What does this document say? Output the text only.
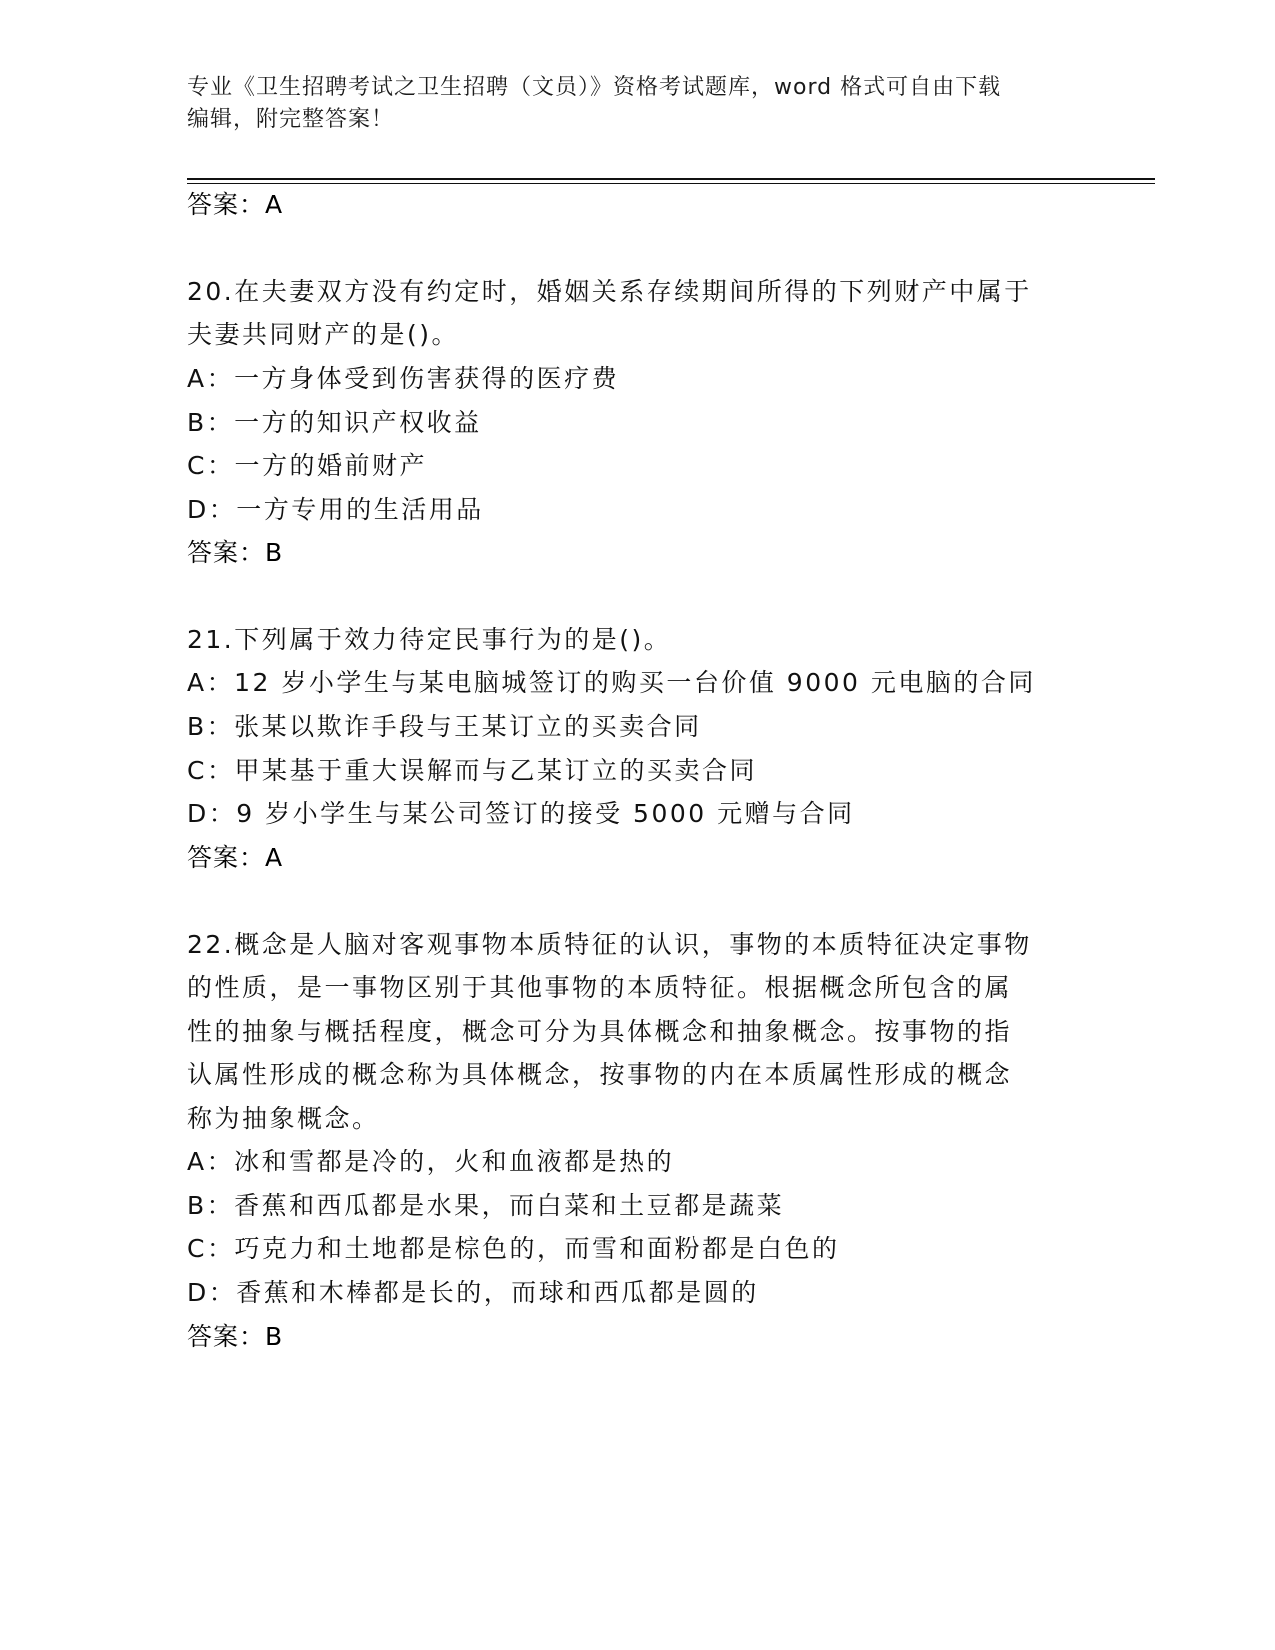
专业《卫生招聘考试之卫生招聘（文员）》资格考试题库，word 格式可自由下载
编辑，附完整答案！
答案：A
20.在夫妻双方没有约定时，婚姻关系存续期间所得的下列财产中属于
夫妻共同财产的是()。
A：一方身体受到伤害获得的医疗费
B：一方的知识产权收益
C：一方的婚前财产
D：一方专用的生活用品
答案：B
21.下列属于效力待定民事行为的是()。
A：12 岁小学生与某电脑城签订的购买一台价值 9000 元电脑的合同
B：张某以欺诈手段与王某订立的买卖合同
C：甲某基于重大误解而与乙某订立的买卖合同
D：9 岁小学生与某公司签订的接受 5000 元赠与合同
答案：A
22.概念是人脑对客观事物本质特征的认识，事物的本质特征决定事物
的性质，是一事物区别于其他事物的本质特征。根据概念所包含的属
性的抽象与概括程度，概念可分为具体概念和抽象概念。按事物的指
认属性形成的概念称为具体概念，按事物的内在本质属性形成的概念
称为抽象概念。
A：冰和雪都是冷的，火和血液都是热的
B：香蕉和西瓜都是水果，而白菜和土豆都是蔬菜
C：巧克力和土地都是棕色的，而雪和面粉都是白色的
D：香蕉和木棒都是长的，而球和西瓜都是圆的
答案：B
